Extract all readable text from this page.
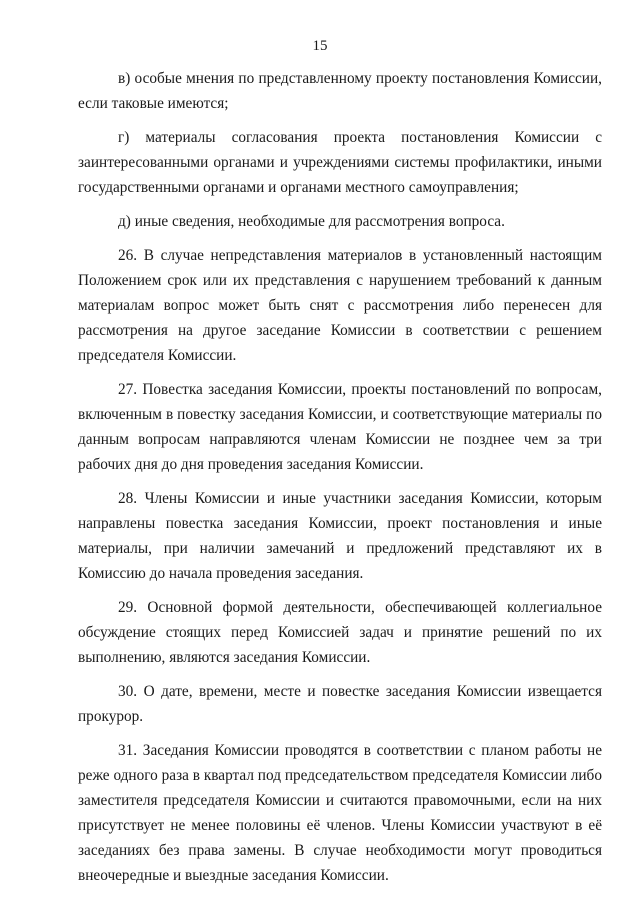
15

в) особые мнения по представленному проекту постановления Комиссии, если таковые имеются;

г) материалы согласования проекта постановления Комиссии с заинтересованными органами и учреждениями системы профилактики, иными государственными органами и органами местного самоуправления;

д) иные сведения, необходимые для рассмотрения вопроса.

26. В случае непредставления материалов в установленный настоящим Положением срок или их представления с нарушением требований к данным материалам вопрос может быть снят с рассмотрения либо перенесен для рассмотрения на другое заседание Комиссии в соответствии с решением председателя Комиссии.

27. Повестка заседания Комиссии, проекты постановлений по вопросам, включенным в повестку заседания Комиссии, и соответствующие материалы по данным вопросам направляются членам Комиссии не позднее чем за три рабочих дня до дня проведения заседания Комиссии.

28. Члены Комиссии и иные участники заседания Комиссии, которым направлены повестка заседания Комиссии, проект постановления и иные материалы, при наличии замечаний и предложений представляют их в Комиссию до начала проведения заседания.

29. Основной формой деятельности, обеспечивающей коллегиальное обсуждение стоящих перед Комиссией задач и принятие решений по их выполнению, являются заседания Комиссии.

30. О дате, времени, месте и повестке заседания Комиссии извещается прокурор.

31. Заседания Комиссии проводятся в соответствии с планом работы не реже одного раза в квартал под председательством председателя Комиссии либо заместителя председателя Комиссии и считаются правомочными, если на них присутствует не менее половины её членов. Члены Комиссии участвуют в её заседаниях без права замены. В случае необходимости могут проводиться внеочередные и выездные заседания Комиссии.
